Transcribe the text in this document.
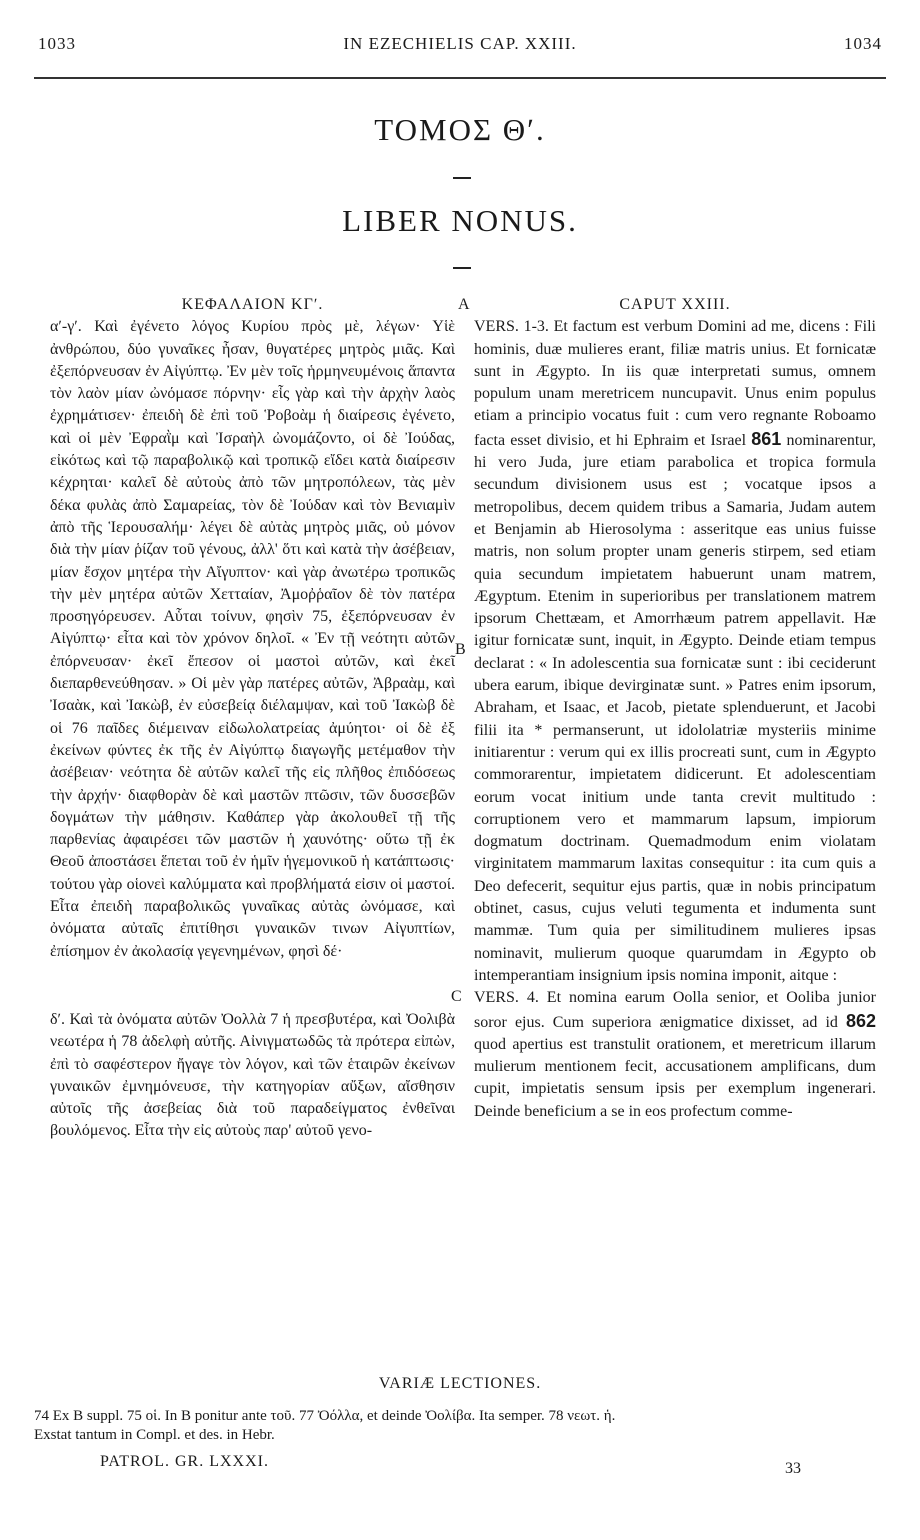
1033	IN EZECHIELIS CAP. XXIII.	1034
ΤΟΜΟΣ Θʹ.
LIBER NONUS.
ΚΕΦΑΛΑΙΟΝ ΚΓʹ.

αʹ-γʹ. Καὶ ἐγένετο λόγος Κυρίου πρὸς μὲ, λέγων· Υἱὲ ἀνθρώπου, δύο γυναῖκες ἦσαν, θυγατέρες μητρὸς μιᾶς. Καὶ ἐξεπόρνευσαν ἐν Αἰγύπτῳ. Ἐν μὲν τοῖς ἡρμηνευμένοις ἅπαντα τὸν λαὸν μίαν ὠνόμασε πόρνην· εἷς γὰρ καὶ τὴν ἀρχὴν λαὸς ἐχρημάτισεν· ἐπειδὴ δὲ ἐπὶ τοῦ Ῥοβοὰμ ἡ διαίρεσις ἐγένετο, καὶ οἱ μὲν Ἐφραῒμ καὶ Ἰσραὴλ ὠνομάζοντο, οἱ δὲ Ἰούδας, εἰκότως καὶ τῷ παραβολικῷ καὶ τροπικῷ εἴδει κατὰ διαίρεσιν κέχρηται· καλεῖ δὲ αὐτοὺς ἀπὸ τῶν μητροπόλεων, τὰς μὲν δέκα φυλὰς ἀπὸ Σαμαρείας, τὸν δὲ Ἰούδαν καὶ τὸν Βενιαμὶν ἀπὸ τῆς Ἱερουσαλήμ· λέγει δὲ αὐτὰς μητρὸς μιᾶς, οὐ μόνον διὰ τὴν μίαν ῥίζαν τοῦ γένους, ἀλλ' ὅτι καὶ κατὰ τὴν ἀσέβειαν, μίαν ἔσχον μητέρα τὴν Αἴγυπτον· καὶ γὰρ ἀνωτέρω τροπικῶς τὴν μὲν μητέρα αὐτῶν Χετταίαν, Ἀμοῤῥαῖον δὲ τὸν πατέρα προσηγόρευσεν. Αὗται τοίνυν, φησὶν 75, ἐξεπόρνευσαν ἐν Αἰγύπτῳ· εἶτα καὶ τὸν χρόνον δηλοῖ. « Ἐν τῇ νεότητι αὐτῶν ἐπόρνευσαν· ἐκεῖ ἔπεσον οἱ μαστοὶ αὐτῶν, καὶ ἐκεῖ διεπαρθενεύθησαν. » Οἱ μὲν γὰρ πατέρες αὐτῶν, Ἀβραὰμ, καὶ Ἰσαὰκ, καὶ Ἰακὼβ, ἐν εὐσεβείᾳ διέλαμψαν, καὶ τοῦ Ἰακὼβ δὲ οἱ 76 παῖδες διέμειναν εἰδωλολατρείας ἀμύητοι· οἱ δὲ ἐξ ἐκείνων φύντες ἐκ τῆς ἐν Αἰγύπτῳ διαγωγῆς μετέμαθον τὴν ἀσέβειαν· νεότητα δὲ αὐτῶν καλεῖ τῆς εἰς πλῆθος ἐπιδόσεως τὴν ἀρχήν· διαφθορὰν δὲ καὶ μαστῶν πτῶσιν, τῶν δυσσεβῶν δογμάτων τὴν μάθησιν. Καθάπερ γὰρ ἀκολουθεῖ τῇ τῆς παρθενίας ἀφαιρέσει τῶν μαστῶν ἡ χαυνότης· οὕτω τῇ ἐκ Θεοῦ ἀποστάσει ἕπεται τοῦ ἐν ἡμῖν ἡγεμονικοῦ ἡ κατάπτωσις· τούτου γὰρ οἱονεὶ καλύμματα καὶ προβλήματά εἰσιν οἱ μαστοί. Εἶτα ἐπειδὴ παραβολικῶς γυναῖκας αὐτὰς ὠνόμασε, καὶ ὀνόματα αὐταῖς ἐπιτίθησι γυναικῶν τινων Αἰγυπτίων, ἐπίσημον ἐν ἀκολασίᾳ γεγενημένων, φησὶ δέ·

δʹ. Καὶ τὰ ὀνόματα αὐτῶν Ὀολλὰ 7 ἡ πρεσβυτέρα, καὶ Ὀολιβὰ νεωτέρα ἡ 78 ἀδελφὴ αὐτῆς. Αἰνιγματωδῶς τὰ πρότερα εἰπὼν, ἐπὶ τὸ σαφέστερον ἤγαγε τὸν λόγον, καὶ τῶν ἑταιρῶν ἐκείνων γυναικῶν ἐμνημόνευσε, τὴν κατηγορίαν αὔξων, αἴσθησιν αὐτοῖς τῆς ἀσεβείας διὰ τοῦ παραδείγματος ἐνθεῖναι βουλόμενος. Εἶτα τὴν εἰς αὐτοὺς παρ' αὐτοῦ γενο-

A
B
C
CAPUT XXIII.

VERS. 1-3. Et factum est verbum Domini ad me, dicens : Fili hominis, duæ mulieres erant, filiæ matris unius. Et fornicatæ sunt in Ægypto. In iis quæ interpretati sumus, omnem populum unam meretricem nuncupavit. Unus enim populus etiam a principio vocatus fuit : cum vero regnante Roboamo facta esset divisio, et hi Ephraim et Israel 861 nominarentur, hi vero Juda, jure etiam parabolica et tropica formula secundum divisionem usus est ; vocatque ipsos a metropolibus, decem quidem tribus a Samaria, Judam autem et Benjamin ab Hierosolyma : asseritque eas unius fuisse matris, non solum propter unam generis stirpem, sed etiam quia secundum impietatem habuerunt unam matrem, Ægyptum. Etenim in superioribus per translationem matrem ipsorum Chettæam, et Amorrhæum patrem appellavit. Hæ igitur fornicatæ sunt, inquit, in Ægypto. Deinde etiam tempus declarat : « In adolescentia sua fornicatæ sunt : ibi ceciderunt ubera earum, ibique devirginatæ sunt. » Patres enim ipsorum, Abraham, et Isaac, et Jacob, pietate splenduerunt, et Jacobi filii ita * permanserunt, ut idololatriæ mysteriis minime initiarentur : verum qui ex illis procreati sunt, cum in Ægypto commorarentur, impietatem didicerunt. Et adolescentiam eorum vocat initium unde tanta crevit multitudo : corruptionem vero et mammarum lapsum, impiorum dogmatum doctrinam. Quemadmodum enim violatam virginitatem mammarum laxitas consequitur : ita cum quis a Deo defecerit, sequitur ejus partis, quæ in nobis principatum obtinet, casus, cujus veluti tegumenta et indumenta sunt mammæ. Tum quia per similitudinem mulieres ipsas nominavit, mulierum quoque quarumdam in Ægypto ob intemperantiam insignium ipsis nomina imponit, aitque :

VERS. 4. Et nomina earum Oolla senior, et Ooliba junior soror ejus. Cum superiora ænigmatice dixisset, ad id 862 quod apertius est transtulit orationem, et meretricum illarum mulierum mentionem fecit, accusationem amplificans, dum cupit, impietatis sensum ipsis per exemplum ingenerari. Deinde beneficium a se in eos profectum comme-

VARIÆ LECTIONES.
74 Ex B suppl. 75 οἱ. In B ponitur ante τοῦ. 77 Ὀόλλα, et deinde Ὀολίβα. Ita semper. 78 νεωτ. ἡ.
Exstat tantum in Compl. et des. in Hebr.
PATROL. GR. LXXXI.	33
